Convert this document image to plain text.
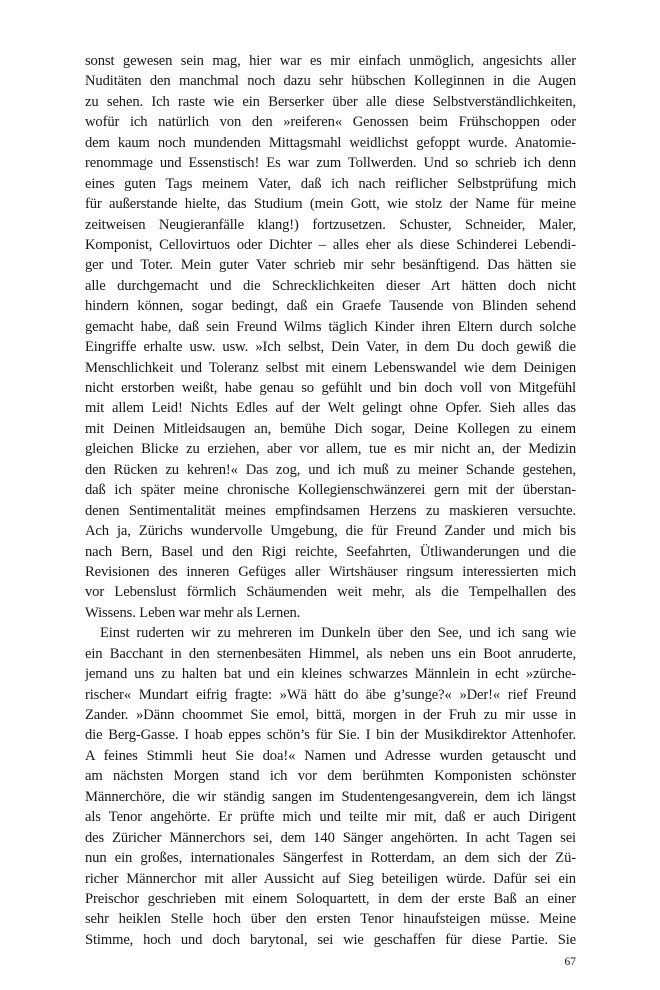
sonst gewesen sein mag, hier war es mir einfach unmöglich, angesichts aller
Nuditäten den manchmal noch dazu sehr hübschen Kolleginnen in die Augen
zu sehen. Ich raste wie ein Berserker über alle diese Selbstverständlichkeiten,
wofür ich natürlich von den »reiferen« Genossen beim Frühschoppen oder
dem kaum noch mundenden Mittagsmahl weidlichst gefoppt wurde. Anatomie-
renommage und Essenstisch! Es war zum Tollwerden. Und so schrieb ich denn
eines guten Tags meinem Vater, daß ich nach reiflicher Selbstprüfung mich
für außerstande hielte, das Studium (mein Gott, wie stolz der Name für meine
zeitweisen Neugieranfälle klang!) fortzusetzen. Schuster, Schneider, Maler,
Komponist, Cellovirtuos oder Dichter – alles eher als diese Schinderei Lebendi-
ger und Toter. Mein guter Vater schrieb mir sehr besänftigend. Das hätten sie
alle durchgemacht und die Schrecklichkeiten dieser Art hätten doch nicht
hindern können, sogar bedingt, daß ein Graefe Tausende von Blinden sehend
gemacht habe, daß sein Freund Wilms täglich Kinder ihren Eltern durch solche
Eingriffe erhalte usw. usw. »Ich selbst, Dein Vater, in dem Du doch gewiß die
Menschlichkeit und Toleranz selbst mit einem Lebenswandel wie dem Deinigen
nicht erstorben weißt, habe genau so gefühlt und bin doch voll von Mitgefühl
mit allem Leid! Nichts Edles auf der Welt gelingt ohne Opfer. Sieh alles das
mit Deinen Mitleidsaugen an, bemühe Dich sogar, Deine Kollegen zu einem
gleichen Blicke zu erziehen, aber vor allem, tue es mir nicht an, der Medizin
den Rücken zu kehren!« Das zog, und ich muß zu meiner Schande gestehen,
daß ich später meine chronische Kollegienschwänzerei gern mit der überstan-
denen Sentimentalität meines empfindsamen Herzens zu maskieren versuchte.
Ach ja, Zürichs wundervolle Umgebung, die für Freund Zander und mich bis
nach Bern, Basel und den Rigi reichte, Seefahrten, Ütliwanderungen und die
Revisionen des inneren Gefüges aller Wirtshäuser ringsum interessierten mich
vor Lebenslust förmlich Schäumenden weit mehr, als die Tempelhallen des
Wissens. Leben war mehr als Lernen.
Einst ruderten wir zu mehreren im Dunkeln über den See, und ich sang wie
ein Bacchant in den sternenbesäten Himmel, als neben uns ein Boot anruderte,
jemand uns zu halten bat und ein kleines schwarzes Männlein in echt »zürche-
rischer« Mundart eifrig fragte: »Wä hätt do äbe g’sunge?« »Der!« rief Freund
Zander. »Dänn choommet Sie emol, bittä, morgen in der Fruh zu mir usse in
die Berg-Gasse. I hoab eppes schön’s für Sie. I bin der Musikdirektor Attenhofer.
A feines Stimmli heut Sie doa!« Namen und Adresse wurden getauscht und
am nächsten Morgen stand ich vor dem berühmten Komponisten schönster
Männerchöre, die wir ständig sangen im Studentengesangverein, dem ich längst
als Tenor angehörte. Er prüfte mich und teilte mir mit, daß er auch Dirigent
des Züricher Männerchors sei, dem 140 Sänger angehörten. In acht Tagen sei
nun ein großes, internationales Sängerfest in Rotterdam, an dem sich der Zü-
richer Männerchor mit aller Aussicht auf Sieg beteiligen würde. Dafür sei ein
Preischor geschrieben mit einem Soloquartett, in dem der erste Baß an einer
sehr heiklen Stelle hoch über den ersten Tenor hinaufsteigen müsse. Meine
Stimme, hoch und doch barytonal, sei wie geschaffen für diese Partie. Sie
67
